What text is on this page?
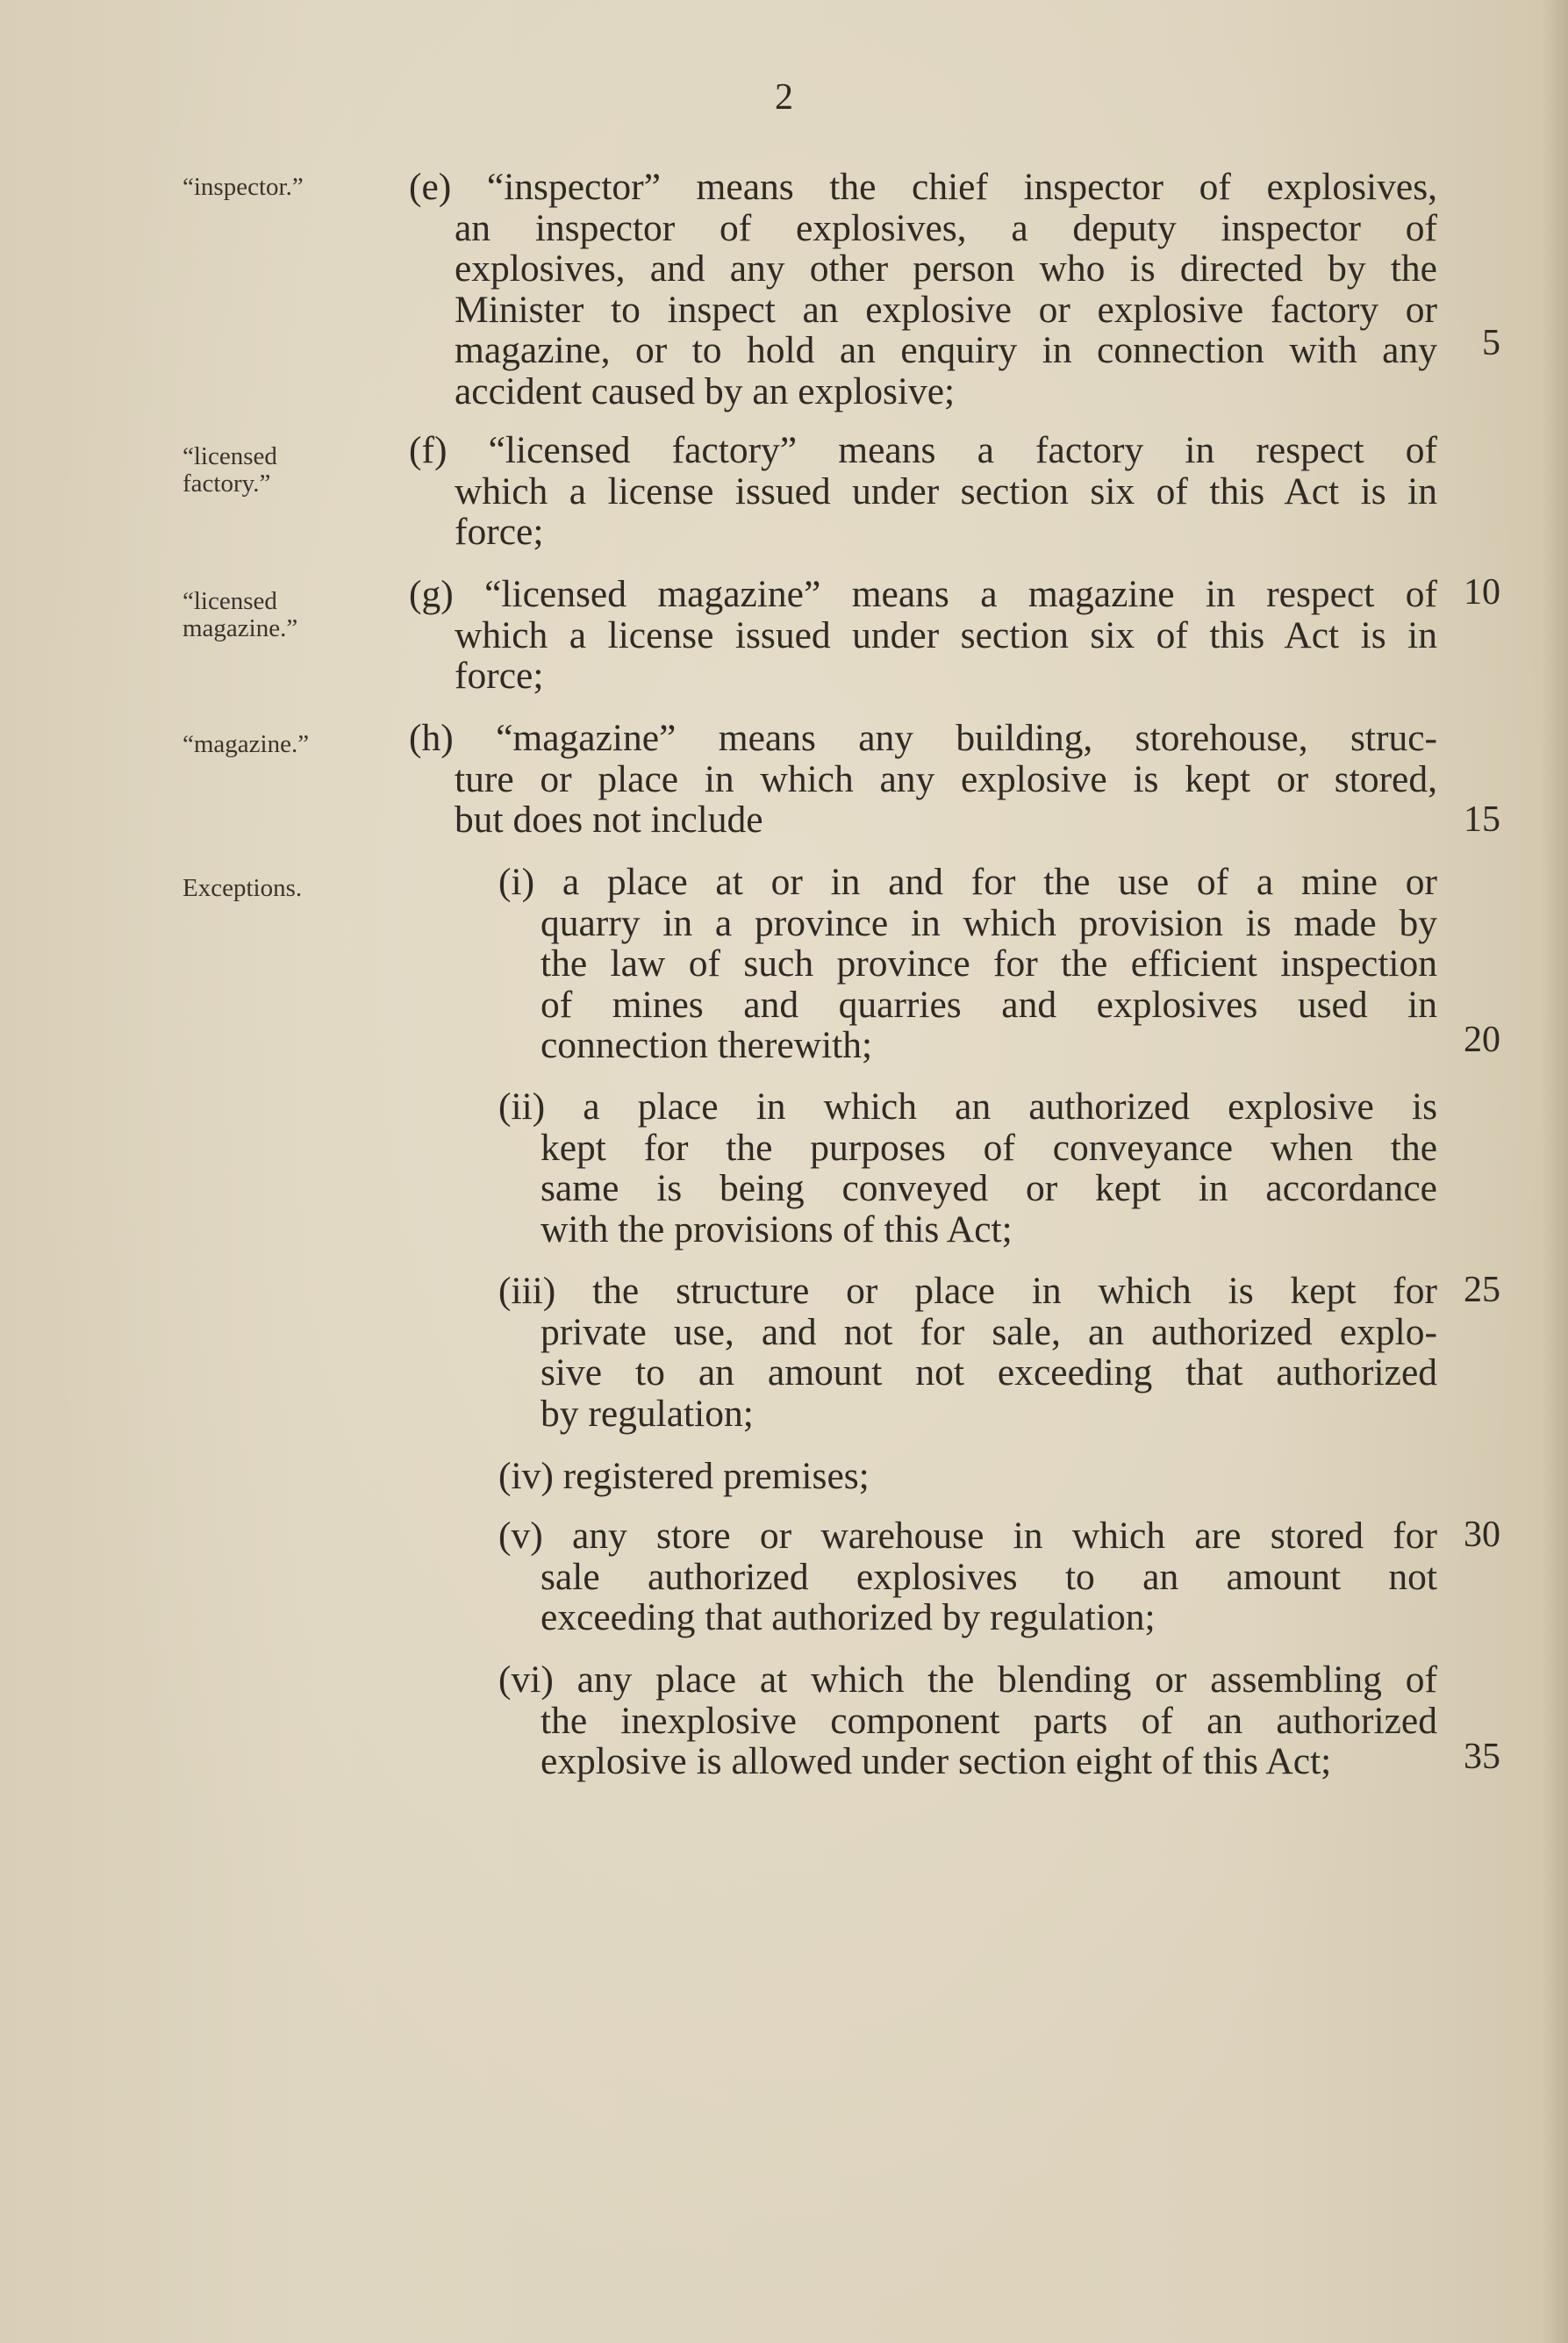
2
“inspector.”
“licensed factory.”
“licensed magazine.”
“magazine.”
Exceptions.
(e) “inspector” means the chief inspector of explosives,
an inspector of explosives, a deputy inspector of
explosives, and any other person who is directed by the
Minister to inspect an explosive or explosive factory or
magazine, or to hold an enquiry in connection with any
accident caused by an explosive;
(f) “licensed factory” means a factory in respect of
which a license issued under section six of this Act is in
force;
(g) “licensed magazine” means a magazine in respect of
which a license issued under section six of this Act is in
force;
(h) “magazine” means any building, storehouse, struc-
ture or place in which any explosive is kept or stored,
but does not include
(i) a place at or in and for the use of a mine or
quarry in a province in which provision is made by
the law of such province for the efficient inspection
of mines and quarries and explosives used in
connection therewith;
(ii) a place in which an authorized explosive is
kept for the purposes of conveyance when the
same is being conveyed or kept in accordance
with the provisions of this Act;
(iii) the structure or place in which is kept for
private use, and not for sale, an authorized explo-
sive to an amount not exceeding that authorized
by regulation;
(iv) registered premises;
(v) any store or warehouse in which are stored for
sale authorized explosives to an amount not
exceeding that authorized by regulation;
(vi) any place at which the blending or assembling of
the inexplosive component parts of an authorized
explosive is allowed under section eight of this Act;
5
10
15
20
25
30
35
